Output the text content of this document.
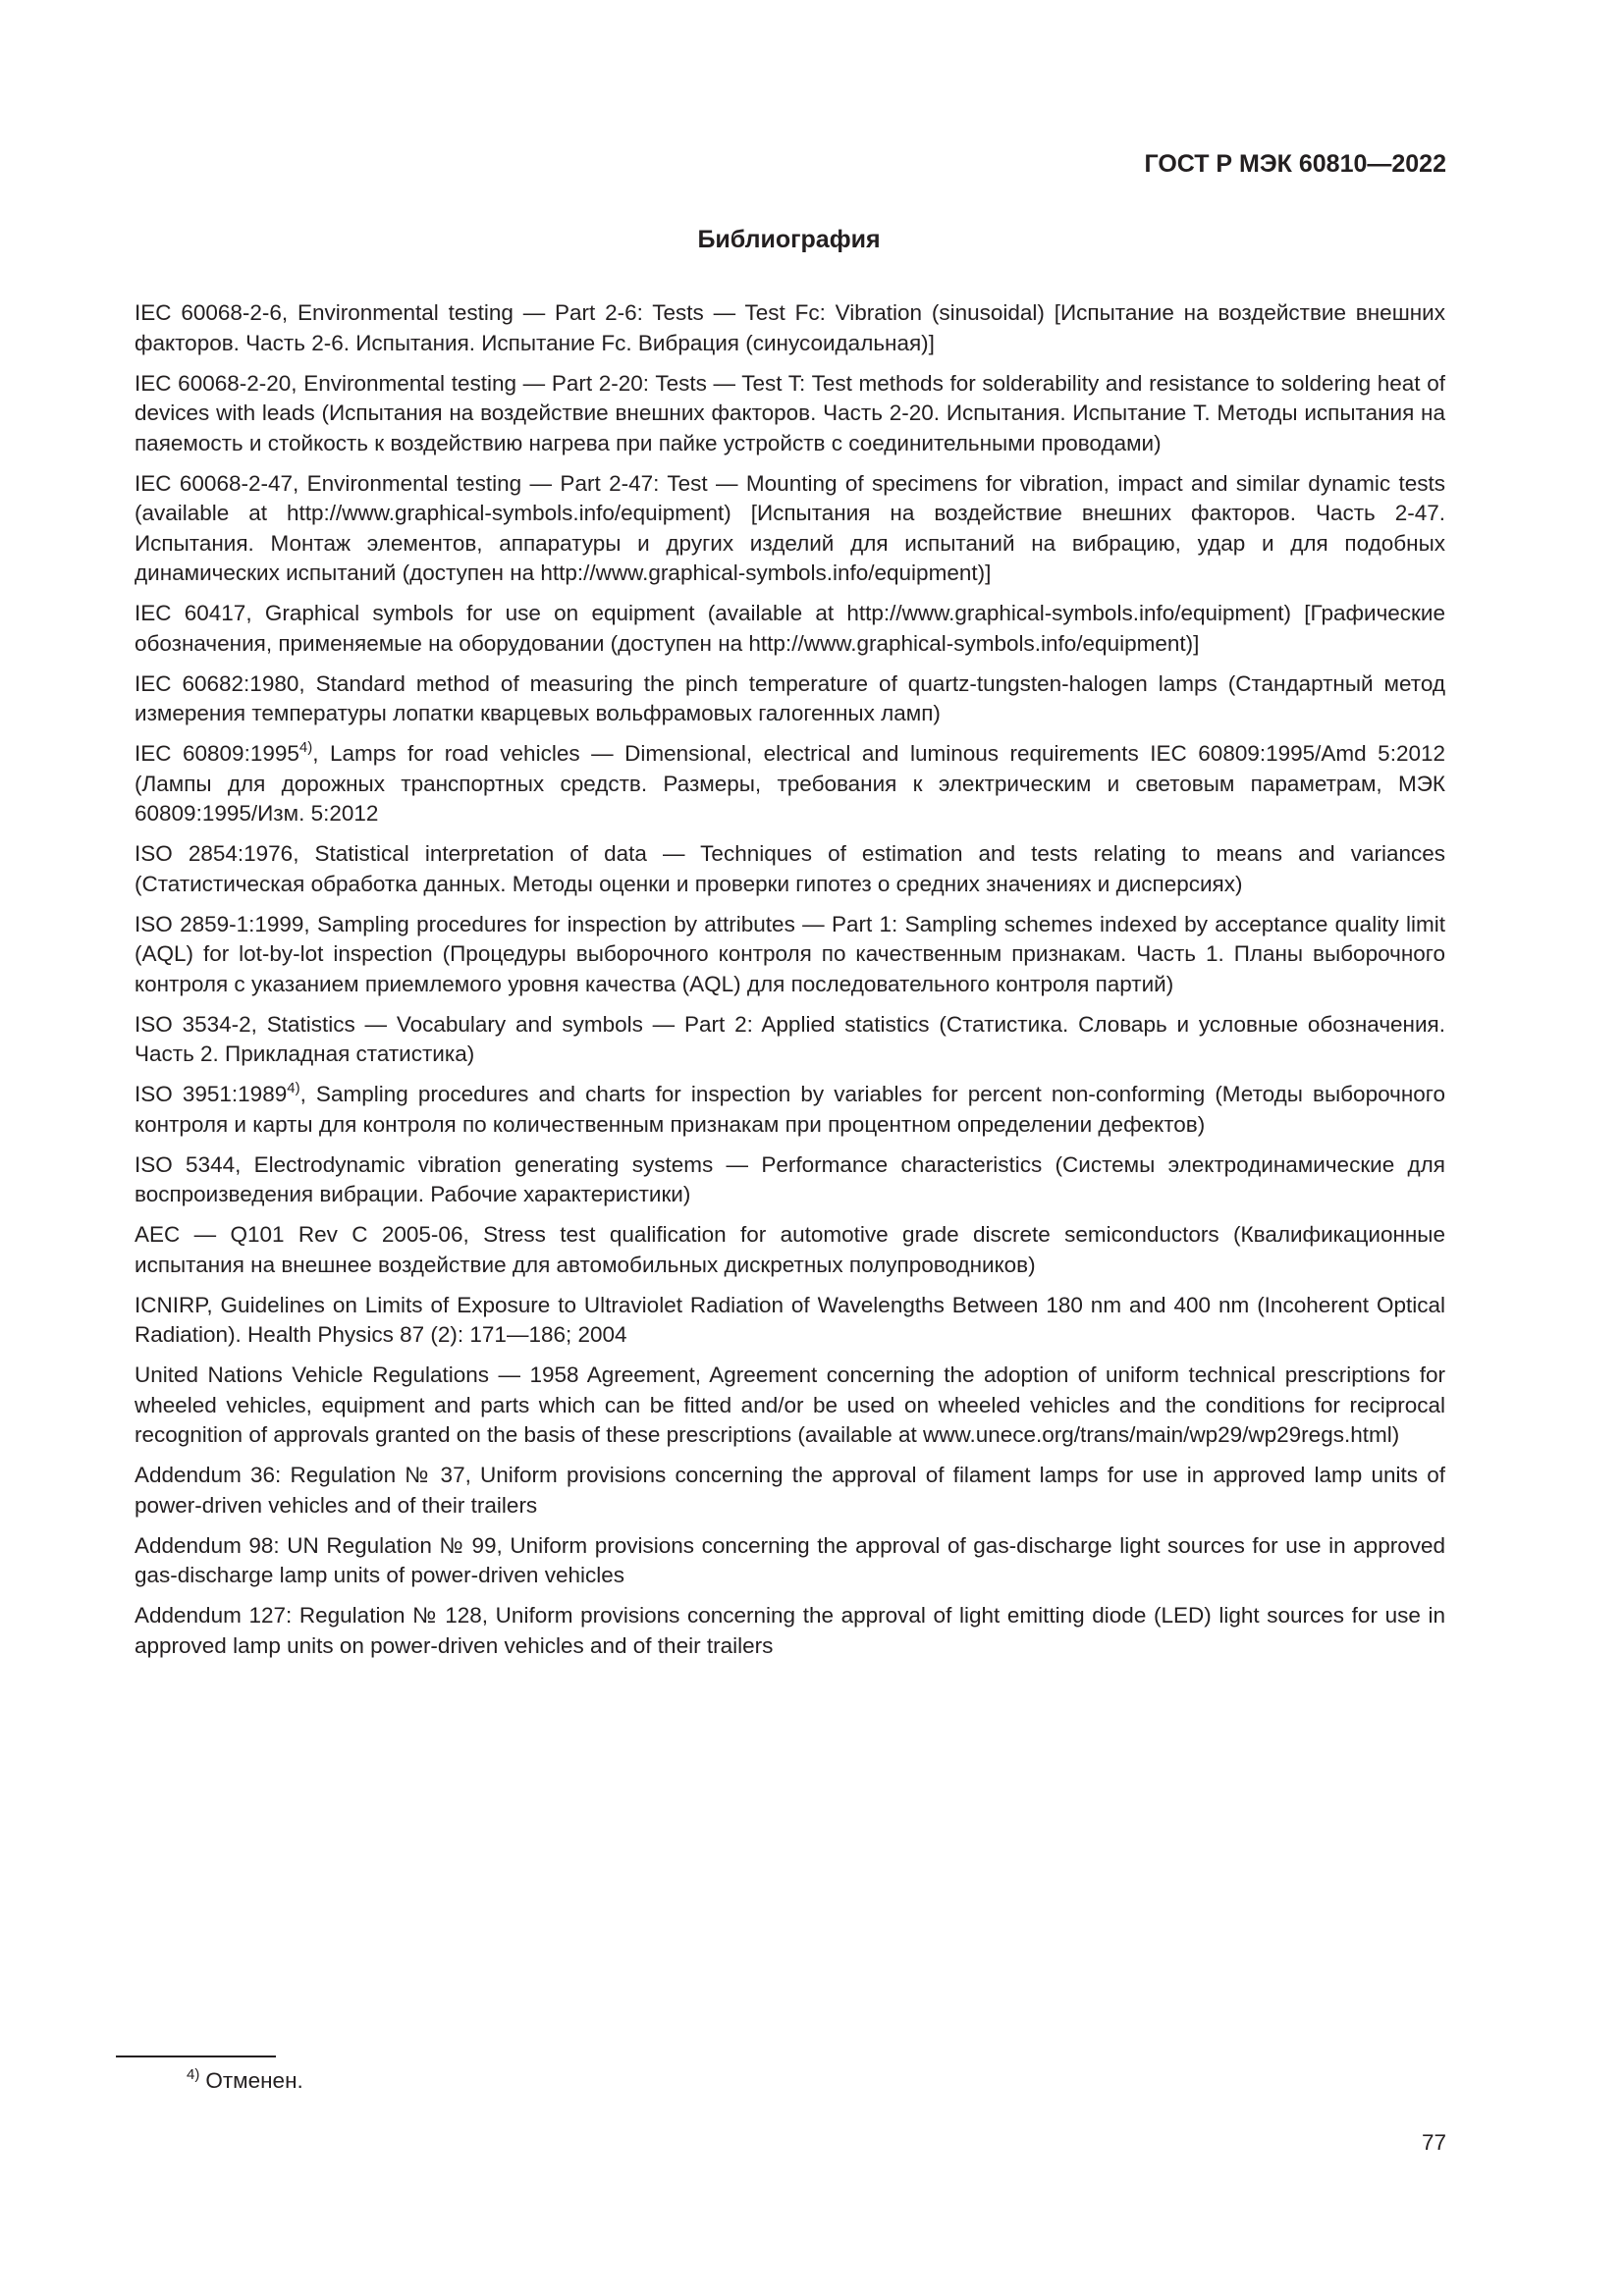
ГОСТ Р МЭК 60810—2022

Библиография
IEC 60068-2-6, Environmental testing — Part 2-6: Tests — Test Fc: Vibration (sinusoidal) [Испытание на воздействие внешних факторов. Часть 2-6. Испытания. Испытание Fc. Вибрация (синусоидальная)]
IEC 60068-2-20, Environmental testing — Part 2-20: Tests — Test T: Test methods for solderability and resistance to soldering heat of devices with leads (Испытания на воздействие внешних факторов. Часть 2-20. Испытания. Испытание T. Методы испытания на паяемость и стойкость к воздействию нагрева при пайке устройств с соединительными проводами)
IEC 60068-2-47, Environmental testing — Part 2-47: Test — Mounting of specimens for vibration, impact and similar dynamic tests (available at http://www.graphical-symbols.info/equipment) [Испытания на воздействие внешних факторов. Часть 2-47. Испытания. Монтаж элементов, аппаратуры и других изделий для испытаний на вибрацию, удар и для подобных динамических испытаний (доступен на http://www.graphical-symbols.info/equipment)]
IEC 60417, Graphical symbols for use on equipment (available at http://www.graphical-symbols.info/equipment) [Графические обозначения, применяемые на оборудовании (доступен на http://www.graphical-symbols.info/equipment)]
IEC 60682:1980, Standard method of measuring the pinch temperature of quartz-tungsten-halogen lamps (Стандартный метод измерения температуры лопатки кварцевых вольфрамовых галогенных ламп)
IEC 60809:1995$^{4)}$, Lamps for road vehicles — Dimensional, electrical and luminous requirements IEC 60809:1995/Amd 5:2012 (Лампы для дорожных транспортных средств. Размеры, требования к электрическим и световым параметрам, МЭК 60809:1995/Изм. 5:2012
ISO 2854:1976, Statistical interpretation of data — Techniques of estimation and tests relating to means and variances (Статистическая обработка данных. Методы оценки и проверки гипотез о средних значениях и дисперсиях)
ISO 2859-1:1999, Sampling procedures for inspection by attributes — Part 1: Sampling schemes indexed by acceptance quality limit (AQL) for lot-by-lot inspection (Процедуры выборочного контроля по качественным признакам. Часть 1. Планы выборочного контроля с указанием приемлемого уровня качества (AQL) для последовательного контроля партий)
ISO 3534-2, Statistics — Vocabulary and symbols — Part 2: Applied statistics (Статистика. Словарь и условные обозначения. Часть 2. Прикладная статистика)
ISO 3951:1989$^{4)}$, Sampling procedures and charts for inspection by variables for percent non-conforming (Методы выборочного контроля и карты для контроля по количественным признакам при процентном определении дефектов)
ISO 5344, Electrodynamic vibration generating systems — Performance characteristics (Системы электродинамические для воспроизведения вибрации. Рабочие характеристики)
AEC — Q101 Rev C 2005-06, Stress test qualification for automotive grade discrete semiconductors (Квалификационные испытания на внешнее воздействие для автомобильных дискретных полупроводников)
ICNIRP, Guidelines on Limits of Exposure to Ultraviolet Radiation of Wavelengths Between 180 nm and 400 nm (Incoherent Optical Radiation). Health Physics 87 (2): 171—186; 2004
United Nations Vehicle Regulations — 1958 Agreement, Agreement concerning the adoption of uniform technical prescriptions for wheeled vehicles, equipment and parts which can be fitted and/or be used on wheeled vehicles and the conditions for reciprocal recognition of approvals granted on the basis of these prescriptions (available at www.unece.org/trans/main/wp29/wp29regs.html)
Addendum 36: Regulation № 37, Uniform provisions concerning the approval of filament lamps for use in approved lamp units of power-driven vehicles and of their trailers
Addendum 98: UN Regulation № 99, Uniform provisions concerning the approval of gas-discharge light sources for use in approved gas-discharge lamp units of power-driven vehicles
Addendum 127: Regulation № 128, Uniform provisions concerning the approval of light emitting diode (LED) light sources for use in approved lamp units on power-driven vehicles and of their trailers

$^{4)}$ Отменен.

77
